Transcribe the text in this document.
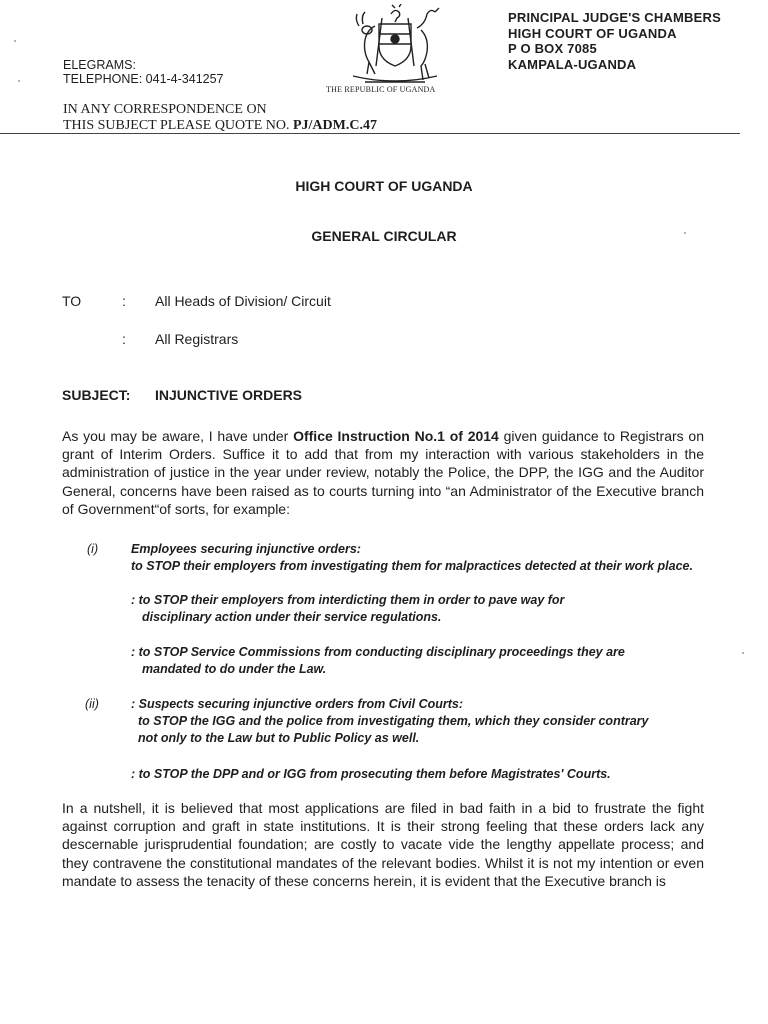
ELEGRAMS:
TELEPHONE: 041-4-341257
THE REPUBLIC OF UGANDA
PRINCIPAL JUDGE'S CHAMBERS
HIGH COURT OF UGANDA
P O BOX 7085
KAMPALA-UGANDA
IN ANY CORRESPONDENCE ON
THIS SUBJECT PLEASE QUOTE NO. PJ/ADM.C.47
HIGH COURT OF UGANDA
GENERAL CIRCULAR
TO	: All Heads of Division/ Circuit
: All Registrars
SUBJECT: INJUNCTIVE ORDERS
As you may be aware, I have under Office Instruction No.1 of 2014 given guidance to Registrars on grant of Interim Orders. Suffice it to add that from my interaction with various stakeholders in the administration of justice in the year under review, notably the Police, the DPP, the IGG and the Auditor General, concerns have been raised as to courts turning into “an Administrator of the Executive branch of Government“of sorts, for example:
(i)	Employees securing injunctive orders:
to STOP their employers from investigating them for malpractices detected at their work place.
: to STOP their employers from interdicting them in order to pave way for
disciplinary action under their service regulations.
: to STOP Service Commissions from conducting disciplinary proceedings they are
mandated to do under the Law.
(ii)	: Suspects securing injunctive orders from Civil Courts:
to STOP the IGG and the police from investigating them, which they consider contrary
not only to the Law but to Public Policy as well.
: to STOP the DPP and or IGG from prosecuting them before Magistrates' Courts.
In a nutshell, it is believed that most applications are filed in bad faith in a bid to frustrate the fight against corruption and graft in state institutions. It is their strong feeling that these orders lack any descernable jurisprudential foundation; are costly to vacate vide the lengthy appellate process; and they contravene the constitutional mandates of the relevant bodies. Whilst it is not my intention or even mandate to assess the tenacity of these concerns herein, it is evident that the Executive branch is
